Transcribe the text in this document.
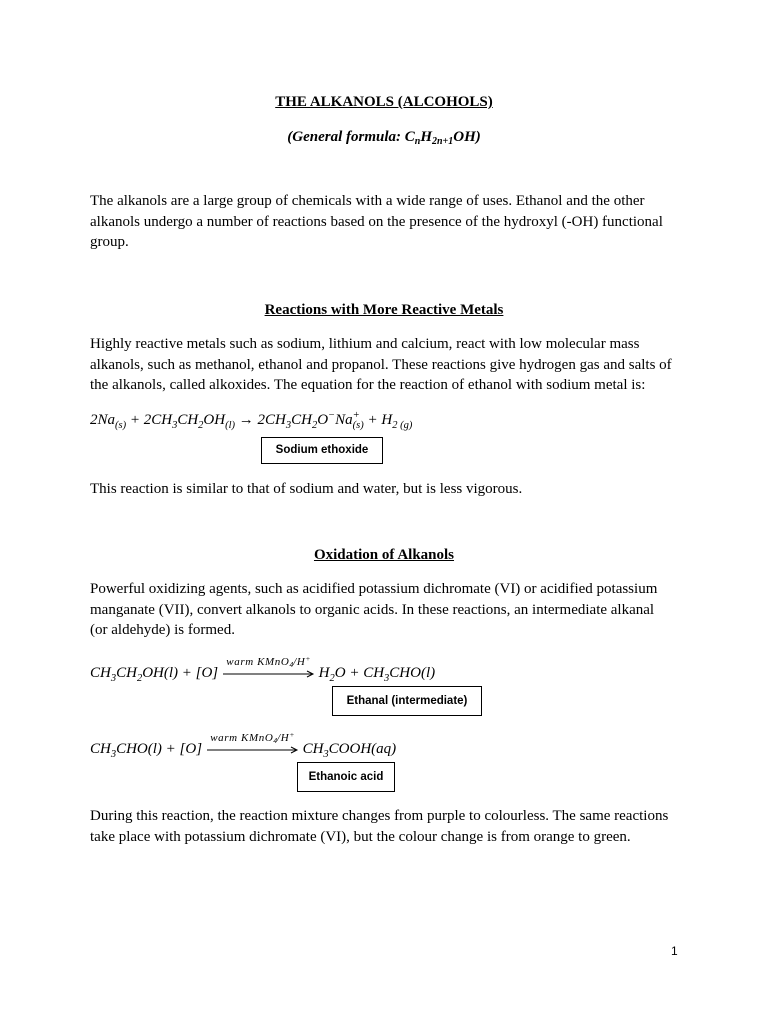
THE ALKANOLS (ALCOHOLS)
(General formula: $C_nH_{2n+1}OH$)
The alkanols are a large group of chemicals with a wide range of uses. Ethanol and the other
alkanols undergo a number of reactions based on the presence of the hydroxyl (-OH) functional
group.
Reactions with More Reactive Metals
Highly reactive metals such as sodium, lithium and calcium, react with low molecular mass
alkanols, such as methanol, ethanol and propanol. These reactions give hydrogen gas and salts of
the alkanols, called alkoxides. The equation for the reaction of ethanol with sodium metal is:
$2Na_{(s)} + 2CH_3CH_2OH_{(l)} \to 2CH_3CH_2O^-Na$ +
$(s) + H_{2 (g)}$
Sodium ethoxide
This reaction is similar to that of sodium and water, but is less vigorous.
Oxidation of Alkanols
Powerful oxidizing agents, such as acidified potassium dichromate (VI) or acidified potassium
manganate (VII), convert alkanols to organic acids. In these reactions, an intermediate alkanal
(or aldehyde) is formed.
$CH_3CH_2OH(l) + [O]$
warm KMnO$_4$/H+
$H_2O + CH_3CHO(l)$
Ethanal (intermediate)
$CH_3CHO(l) + [O]$
warm KMnO$_4$/H+
$CH_3COOH(aq)$
Ethanoic acid
During this reaction, the reaction mixture changes from purple to colourless. The same reactions
take place with potassium dichromate (VI), but the colour change is from orange to green.
1
